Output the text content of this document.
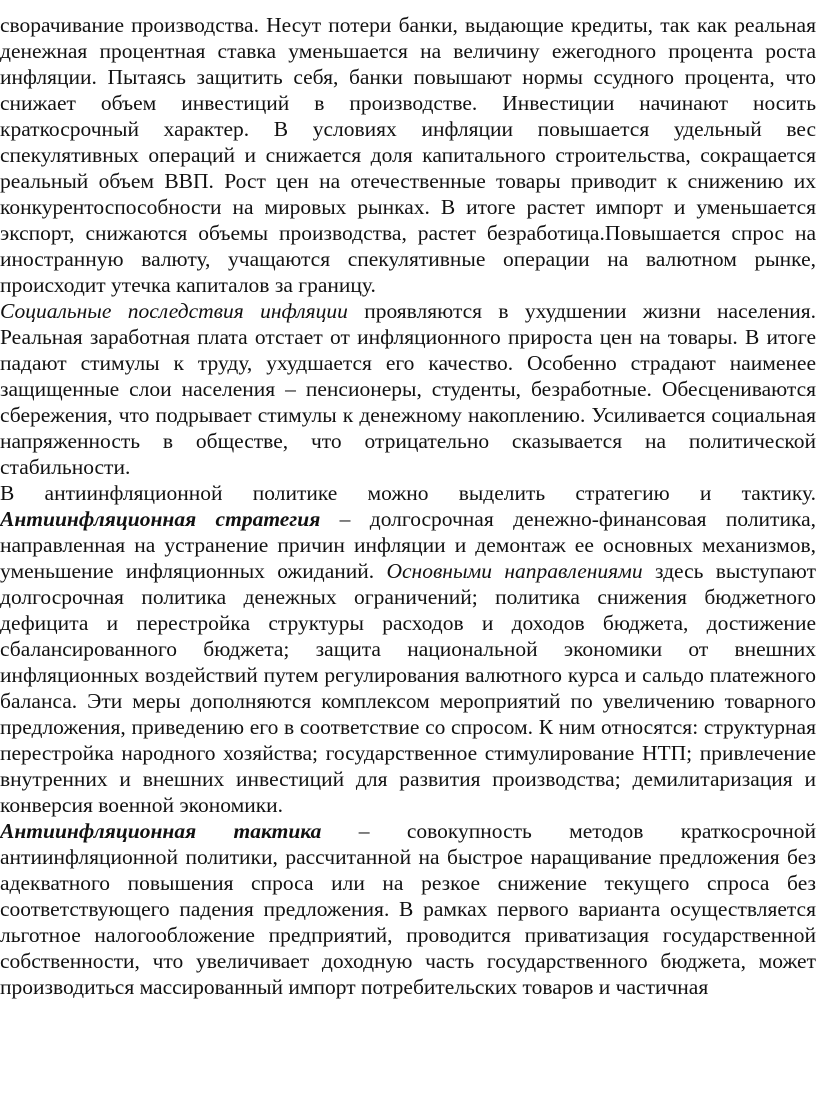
сворачивание производства. Несут потери банки, выдающие кредиты, так как реальная денежная процентная ставка уменьшается на величину ежегодного процента роста инфляции. Пытаясь защитить себя, банки повышают нормы ссудного процента, что снижает объем инвестиций в производстве. Инвестиции начинают носить краткосрочный характер. В условиях инфляции повышается удельный вес спекулятивных операций и снижается доля капитального строительства, сокращается реальный объем ВВП. Рост цен на отечественные товары приводит к снижению их конкурентоспособности на мировых рынках. В итоге растет импорт и уменьшается экспорт, снижаются объемы производства, растет безработица.Повышается спрос на иностранную валюту, учащаются спекулятивные операции на валютном рынке, происходит утечка капиталов за границу.

Социальные последствия инфляции проявляются в ухудшении жизни населения. Реальная заработная плата отстает от инфляционного прироста цен на товары. В итоге падают стимулы к труду, ухудшается его качество. Особенно страдают наименее защищенные слои населения – пенсионеры, студенты, безработные. Обесцениваются сбережения, что подрывает стимулы к денежному накоплению. Усиливается социальная напряженность в обществе, что отрицательно сказывается на политической стабильности.

В антиинфляционной политике можно выделить стратегию и тактику. Антиинфляционная стратегия – долгосрочная денежно-финансовая политика, направленная на устранение причин инфляции и демонтаж ее основных механизмов, уменьшение инфляционных ожиданий. Основными направлениями здесь выступают долгосрочная политика денежных ограничений; политика снижения бюджетного дефицита и перестройка структуры расходов и доходов бюджета, достижение сбалансированного бюджета; защита национальной экономики от внешних инфляционных воздействий путем регулирования валютного курса и сальдо платежного баланса. Эти меры дополняются комплексом мероприятий по увеличению товарного предложения, приведению его в соответствие со спросом. К ним относятся: структурная перестройка народного хозяйства; государственное стимулирование НТП; привлечение внутренних и внешних инвестиций для развития производства; демилитаризация и конверсия военной экономики.

Антиинфляционная тактика – совокупность методов краткосрочной антиинфляционной политики, рассчитанной на быстрое наращивание предложения без адекватного повышения спроса или на резкое снижение текущего спроса без соответствующего падения предложения. В рамках первого варианта осуществляется льготное налогообложение предприятий, проводится приватизация государственной собственности, что увеличивает доходную часть государственного бюджета, может производиться массированный импорт потребительских товаров и частичная
